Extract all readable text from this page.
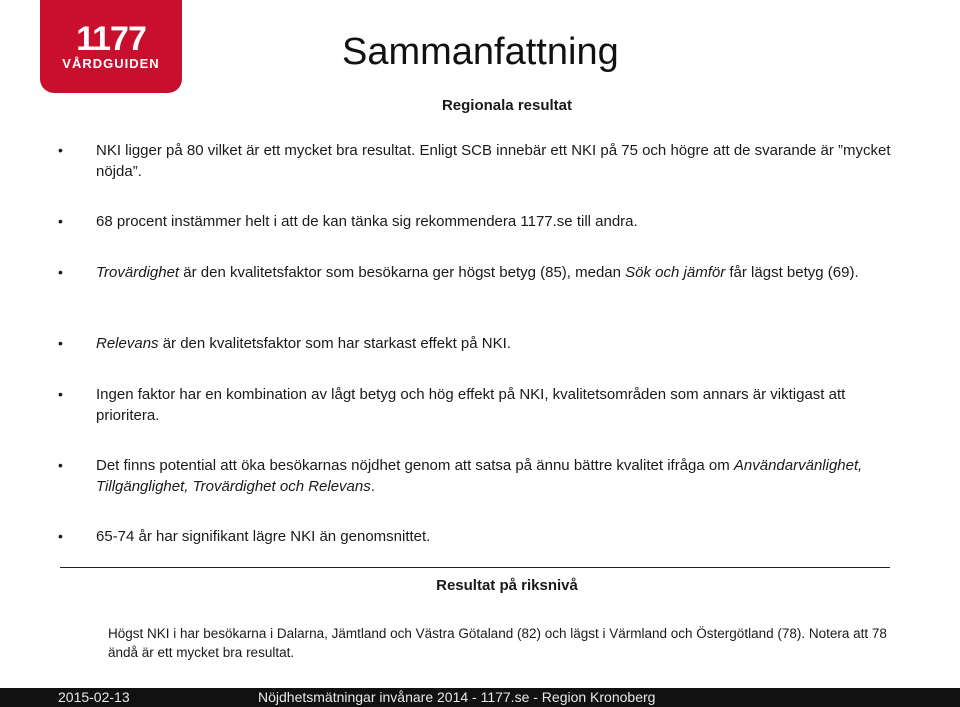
1177
VÅRDGUIDEN	Sammanfattning
Regionala resultat
• NKI ligger på 80 vilket är ett mycket bra resultat. Enligt SCB innebär ett NKI på 75 och högre att de svarande är ”mycket nöjda”.
• 68 procent instämmer helt i att de kan tänka sig rekommendera 1177.se till andra.
• Trovärdighet är den kvalitetsfaktor som besökarna ger högst betyg (85), medan Sök och jämför får lägst betyg (69).
• Relevans är den kvalitetsfaktor som har starkast effekt på NKI.
• Ingen faktor har en kombination av lågt betyg och hög effekt på NKI, kvalitetsområden som annars är viktigast att prioritera.
• Det finns potential att öka besökarnas nöjdhet genom att satsa på ännu bättre kvalitet ifråga om Användarvänlighet, Tillgänglighet, Trovärdighet och Relevans.
• 65-74 år har signifikant lägre NKI än genomsnittet.
Resultat på riksnivå
Högst NKI i har besökarna i Dalarna, Jämtland och Västra Götaland (82) och lägst i Värmland och Östergötland (78). Notera att 78 ändå är ett mycket bra resultat.
2015-02-13	Nöjdhetsmätningar invånare 2014 - 1177.se - Region Kronoberg
